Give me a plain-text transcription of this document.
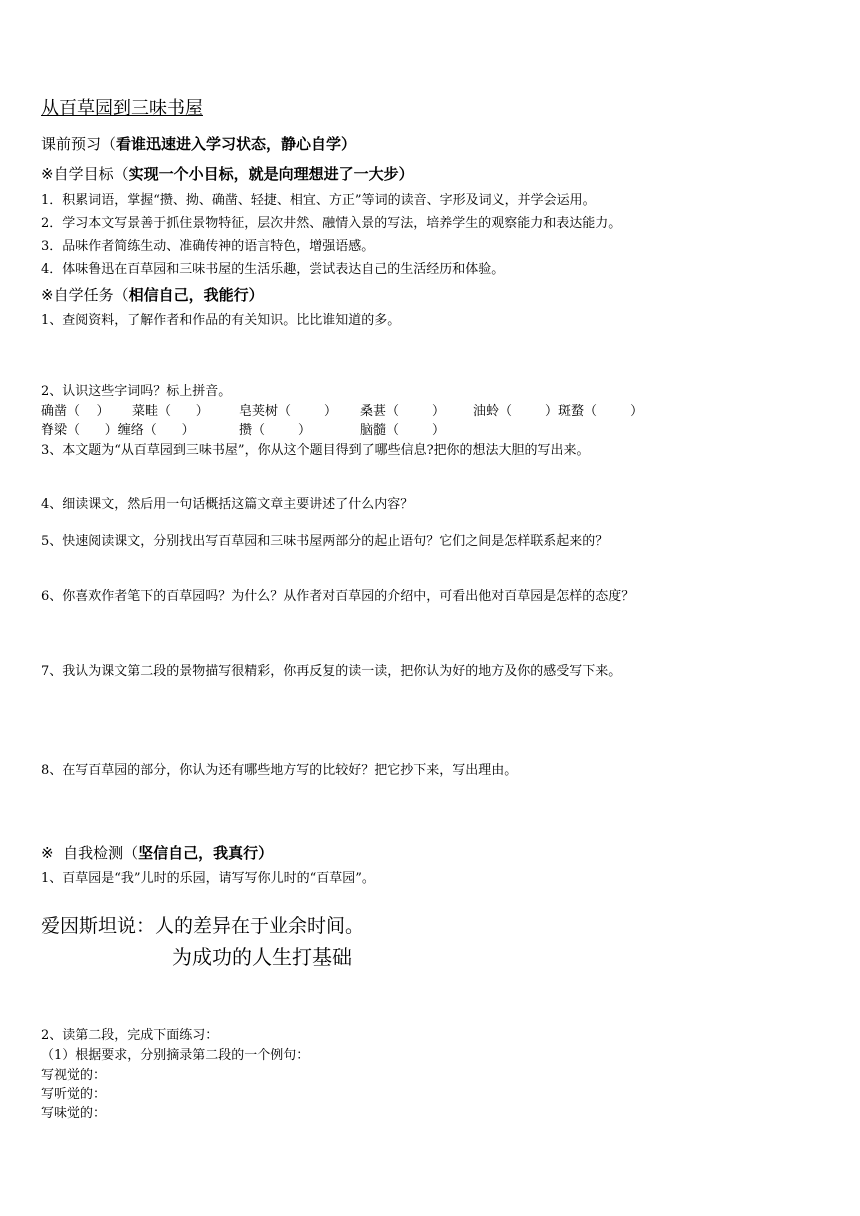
从百草园到三味书屋
课前预习（看谁迅速进入学习状态，静心自学）
※自学目标（实现一个小目标，就是向理想进了一大步）
1．积累词语，掌握“攒、拗、确凿、轻捷、相宜、方正”等词的读音、字形及词义，并学会运用。
2．学习本文写景善于抓住景物特征，层次井然、融情入景的写法，培养学生的观察能力和表达能力。
3．品味作者简练生动、准确传神的语言特色，增强语感。
4．体味鲁迅在百草园和三味书屋的生活乐趣，尝试表达自己的生活经历和体验。
※自学任务（相信自己，我能行）
1、查阅资料，了解作者和作品的有关知识。比比谁知道的多。
2、认识这些字词吗？标上拼音。

确凿（    ）

菜畦（      ）

皂荚树（        ）

桑葚（        ）

油蛉（        ）斑蝥（        ）

脊梁（      ）缠络（      ）

	攒（        ）

	脑髓（        ）

3、本文题为“从百草园到三味书屋”，你从这个题目得到了哪些信息?把你的想法大胆的写出来。
4、细读课文，然后用一句话概括这篇文章主要讲述了什么内容？
5、快速阅读课文，分别找出写百草园和三味书屋两部分的起止语句？它们之间是怎样联系起来的？
6、你喜欢作者笔下的百草园吗？为什么？从作者对百草园的介绍中，可看出他对百草园是怎样的态度？
7、我认为课文第二段的景物描写很精彩，你再反复的读一读，把你认为好的地方及你的感受写下来。
8、在写百草园的部分，你认为还有哪些地方写的比较好？把它抄下来，写出理由。
※  自我检测（坚信自己，我真行）
1、百草园是“我”儿时的乐园，请写写你儿时的“百草园”。
爱因斯坦说：人的差异在于业余时间。
为成功的人生打基础
2、读第二段，完成下面练习：
（1）根据要求，分别摘录第二段的一个例句：
写视觉的：
写听觉的：
写味觉的：
